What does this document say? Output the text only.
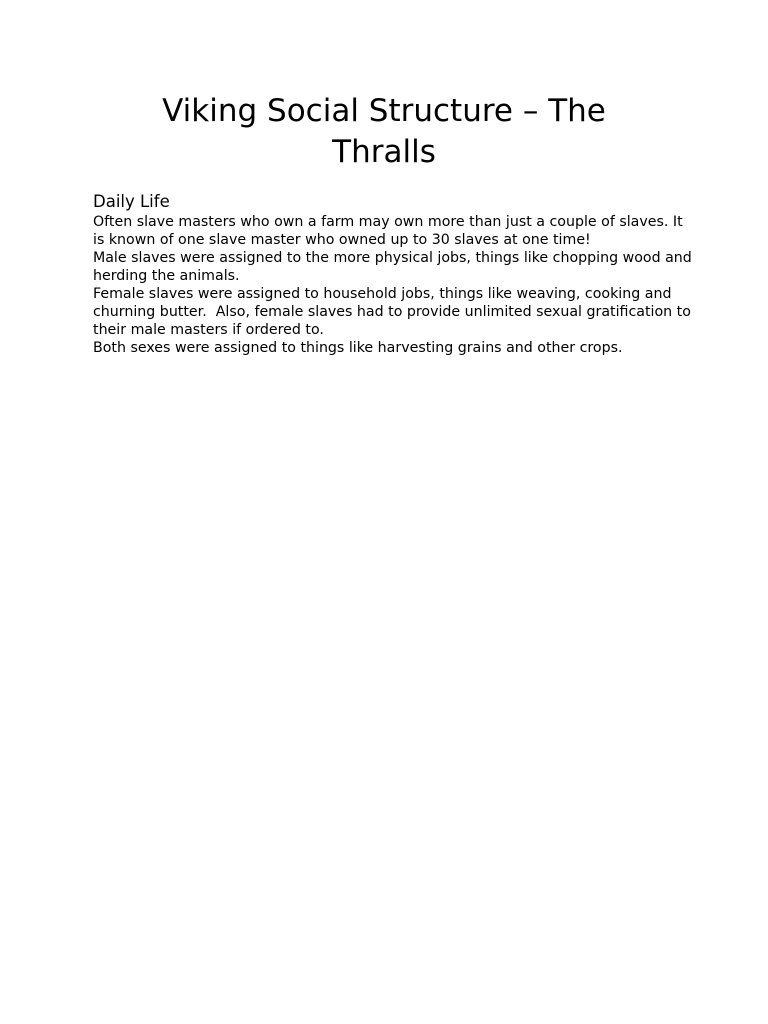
Viking Social Structure – The
Thralls
Daily Life

Often slave masters who own a farm may own more than just a couple of slaves. It is known of one slave master who owned up to 30 slaves at one time!

Male slaves were assigned to the more physical jobs, things like chopping wood and herding the animals.

Female slaves were assigned to household jobs, things like weaving, cooking and churning butter.  Also, female slaves had to provide unlimited sexual gratification to their male masters if ordered to.

Both sexes were assigned to things like harvesting grains and other crops.
